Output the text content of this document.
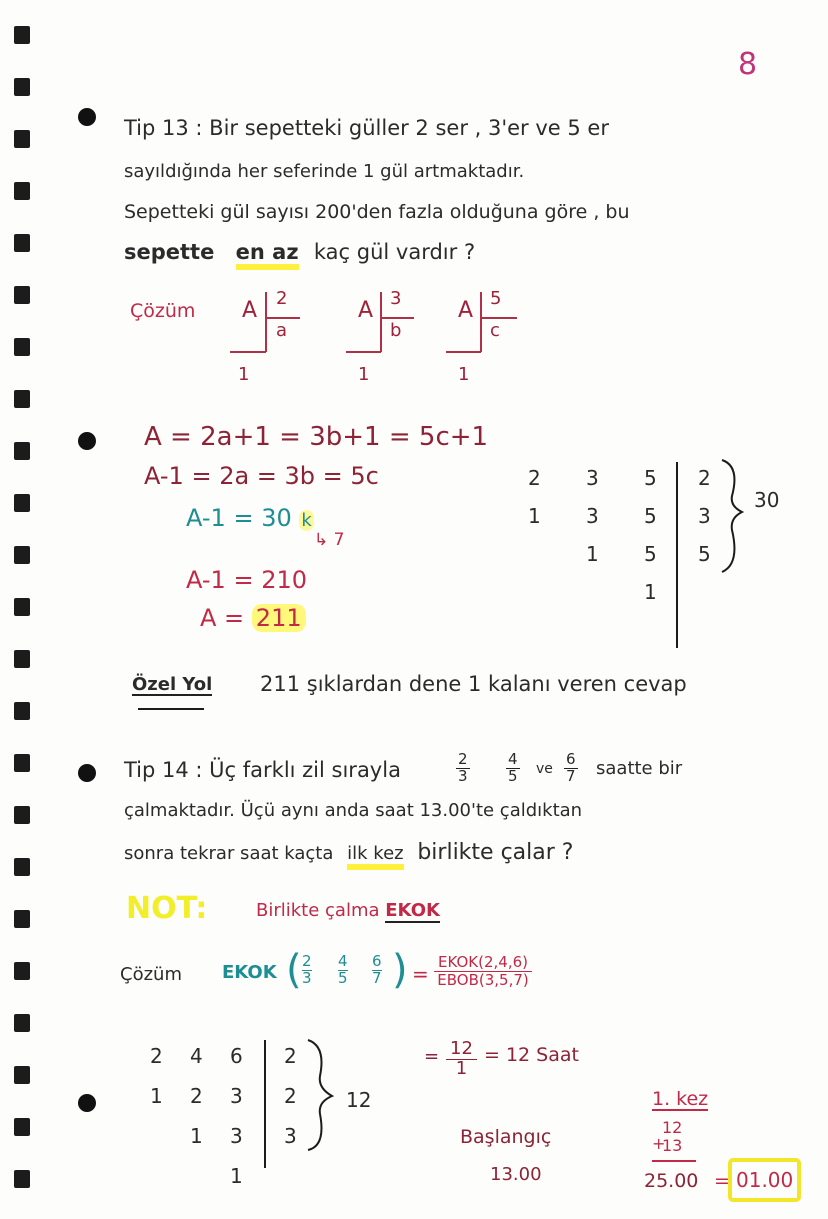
8
Tip 13 : Bir sepetteki güller 2 ser , 3'er ve 5 er
sayıldığında her seferinde 1 gül artmaktadır.
Sepetteki gül sayısı 200'den fazla olduğuna göre , bu
sepette en az kaç gül vardır ?
Çözüm A 2
a
1
A 3
b
1
A 5
c
1
A = 2a+1 = 3b+1 = 5c+1
A-1 = 2a = 3b = 5c
A-1 = 30 k
↳ 7
A-1 = 210
A = 211
2 3 5
1 3 5
1 5
1
2
3
5
30
Özel Yol 211 şıklardan dene 1 kalanı veren cevap
Tip 14 : Üç farklı zil sırayla	2
3
4
5 ve
6
7 saatte bir
çalmaktadır. Üçü aynı anda saat 13.00'te çaldıktan
sonra tekrar saat kaçta ilk kez birlikte çalar ?
NOT:	Birlikte çalma EKOK
Çözüm EKOK ( 2
3
4
5
6
7 ) = EKOK(2,4,6)
EBOB(3,5,7)
2 4 6
1 2 3
1 3
1
2
2
3
12
= 12
1
= 12 Saat
Başlangıç
13.00
1. kez
12
+
13
25.00 = 01.00
